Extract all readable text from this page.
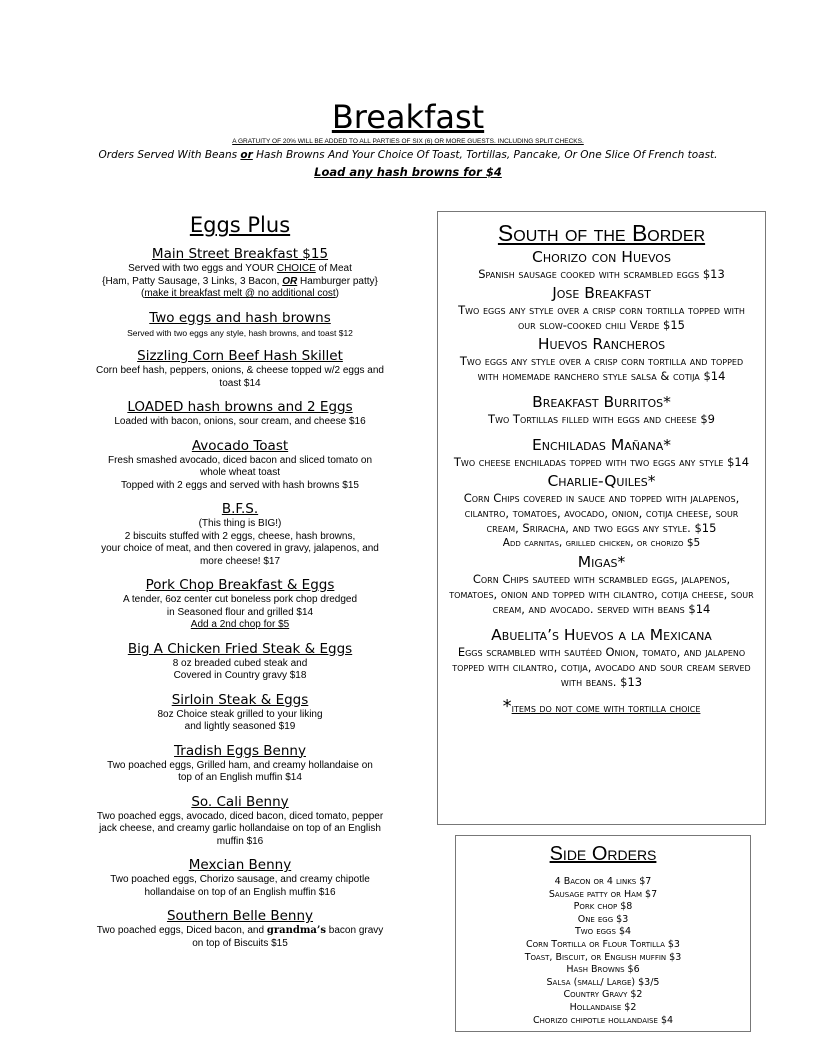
Breakfast
A GRATUITY OF 20% WILL BE ADDED TO ALL PARTIES OF SIX (6) OR MORE GUESTS. INCLUDING SPLIT CHECKS.
Orders Served With Beans or Hash Browns And Your Choice Of Toast, Tortillas, Pancake, Or One Slice Of French toast.
Load any hash browns for $4
Eggs Plus
Main Street Breakfast $15
Served with two eggs and YOUR CHOICE of Meat
{Ham, Patty Sausage, 3 Links, 3 Bacon, OR Hamburger patty}
(make it breakfast melt @ no additional cost)
Two eggs and hash browns
Served with two eggs any style, hash browns, and toast $12
Sizzling Corn Beef Hash Skillet
Corn beef hash, peppers, onions, & cheese topped w/2 eggs and toast $14
LOADED hash browns and 2 Eggs
Loaded with bacon, onions, sour cream, and cheese $16
Avocado Toast
Fresh smashed avocado, diced bacon and sliced tomato on
whole wheat toast
Topped with 2 eggs and served with hash browns $15
B.F.S.
(This thing is BIG!)
2 biscuits stuffed with 2 eggs, cheese, hash browns,
your choice of meat, and then covered in gravy, jalapenos, and more cheese! $17
Pork Chop Breakfast & Eggs
A tender, 6oz center cut boneless pork chop dredged
in Seasoned flour and grilled $14
Add a 2nd chop for $5
Big A Chicken Fried Steak & Eggs
8 oz breaded cubed steak and
Covered in Country gravy $18
Sirloin Steak & Eggs
8oz Choice steak grilled to your liking
and lightly seasoned $19
Tradish Eggs Benny
Two poached eggs, Grilled ham, and creamy hollandaise on
top of an English muffin $14
So. Cali Benny
Two poached eggs, avocado, diced bacon, diced tomato, pepper jack cheese, and creamy garlic hollandaise on top of an English muffin $16
Mexcian Benny
Two poached eggs, Chorizo sausage, and creamy chipotle
hollandaise on top of an English muffin $16
Southern Belle Benny
Two poached eggs, Diced bacon, and grandma’s bacon gravy
on top of Biscuits $15
South of the Border
Chorizo con Huevos
Spanish sausage cooked with scrambled eggs $13
Jose Breakfast
Two eggs any style over a crisp corn tortilla topped with our slow-cooked chili Verde $15
Huevos Rancheros
Two eggs any style over a crisp corn tortilla and topped with homemade ranchero style salsa & cotija $14
Breakfast Burritos*
Two Tortillas filled with eggs and cheese $9
Enchiladas Mañana*
Two cheese enchiladas topped with two eggs any style $14
Charlie-Quiles*
Corn Chips covered in sauce and topped with jalapenos, cilantro, tomatoes, avocado, onion, cotija cheese, sour cream, Sriracha, and two eggs any style. $15
Add carnitas, grilled chicken, or chorizo $5
Migas*
Corn Chips sauteed with scrambled eggs, jalapenos, tomatoes, onion and topped with cilantro, cotija cheese, sour cream, and avocado. served with beans $14
Abuelita’s Huevos a la Mexicana
Eggs scrambled with sautéed Onion, tomato, and jalapeno topped with cilantro, cotija, avocado and sour cream served with beans. $13
*items do not come with tortilla choice
Side Orders
4 Bacon or 4 links $7
Sausage patty or Ham $7
Pork chop $8
One egg $3
Two eggs $4
Corn Tortilla or Flour Tortilla $3
Toast, Biscuit, or English muffin $3
Hash Browns $6
Salsa (small/ Large) $3/5
Country Gravy $2
Hollandaise $2
Chorizo chipotle hollandaise $4
